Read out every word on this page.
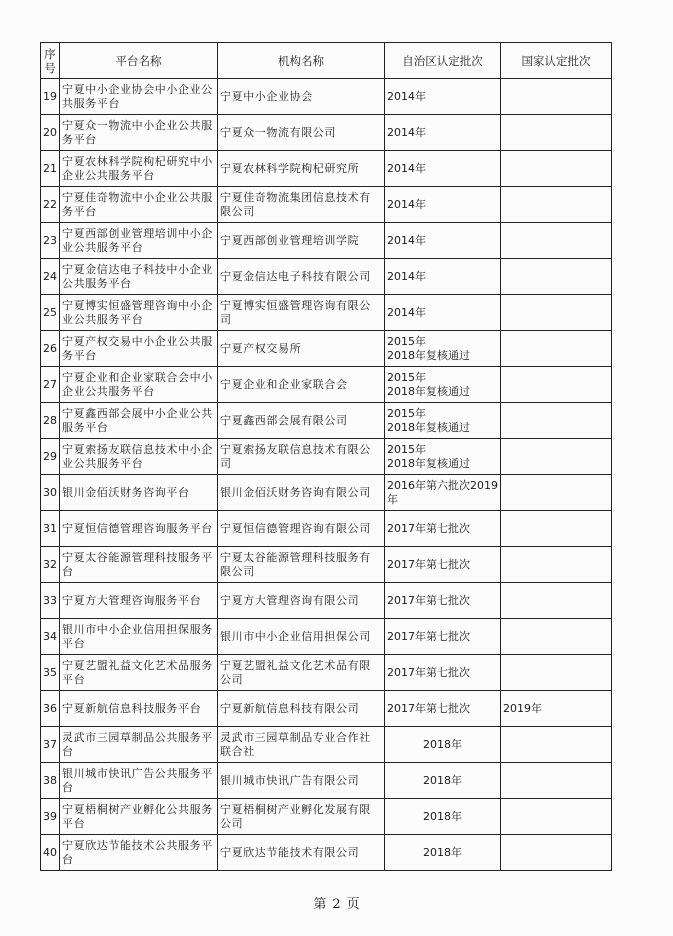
序号	平台名称	机构名称	自治区认定批次	国家认定批次
19	宁夏中小企业协会中小企业公共服务平台	宁夏中小企业协会	2014年	
20	宁夏众一物流中小企业公共服务平台	宁夏众一物流有限公司	2014年	
21	宁夏农林科学院枸杞研究中小企业公共服务平台	宁夏农林科学院枸杞研究所	2014年	
22	宁夏佳奇物流中小企业公共服务平台	宁夏佳奇物流集团信息技术有限公司	2014年	
23	宁夏西部创业管理培训中小企业公共服务平台	宁夏西部创业管理培训学院	2014年	
24	宁夏金信达电子科技中小企业公共服务平台	宁夏金信达电子科技有限公司	2014年	
25	宁夏博实恒盛管理咨询中小企业公共服务平台	宁夏博实恒盛管理咨询有限公司	2014年	
26	宁夏产权交易中小企业公共服务平台	宁夏产权交易所	2015年
2018年复核通过	

27	宁夏企业和企业家联合会中小企业公共服务平台	宁夏企业和企业家联合会	2015年
2018年复核通过	

28	宁夏鑫西部会展中小企业公共服务平台	宁夏鑫西部会展有限公司	2015年
2018年复核通过	

29	宁夏索扬友联信息技术中小企业公共服务平台	宁夏索扬友联信息技术有限公司	2015年
2018年复核通过	

30	银川金佰沃财务咨询平台	银川金佰沃财务咨询有限公司	2016年第六批次2019年	
31	宁夏恒信德管理咨询服务平台	宁夏恒信德管理咨询有限公司	2017年第七批次	
32	宁夏太谷能源管理科技服务平台	宁夏太谷能源管理科技服务有限公司	2017年第七批次	
33	宁夏方大管理咨询服务平台	宁夏方大管理咨询有限公司	2017年第七批次	
34	银川市中小企业信用担保服务平台	银川市中小企业信用担保公司	2017年第七批次	
35	宁夏艺盟礼益文化艺术品服务平台	宁夏艺盟礼益文化艺术品有限公司	2017年第七批次	
36	宁夏新航信息科技服务平台	宁夏新航信息科技有限公司	2017年第七批次	2019年
37	灵武市三园草制品公共服务平台	灵武市三园草制品专业合作社联合社	2018年	
38	银川城市快讯广告公共服务平台	银川城市快讯广告有限公司	2018年	
39	宁夏梧桐树产业孵化公共服务平台	宁夏梧桐树产业孵化发展有限公司	2018年	
40	宁夏欣达节能技术公共服务平台	宁夏欣达节能技术有限公司	2018年	
第 2 页
